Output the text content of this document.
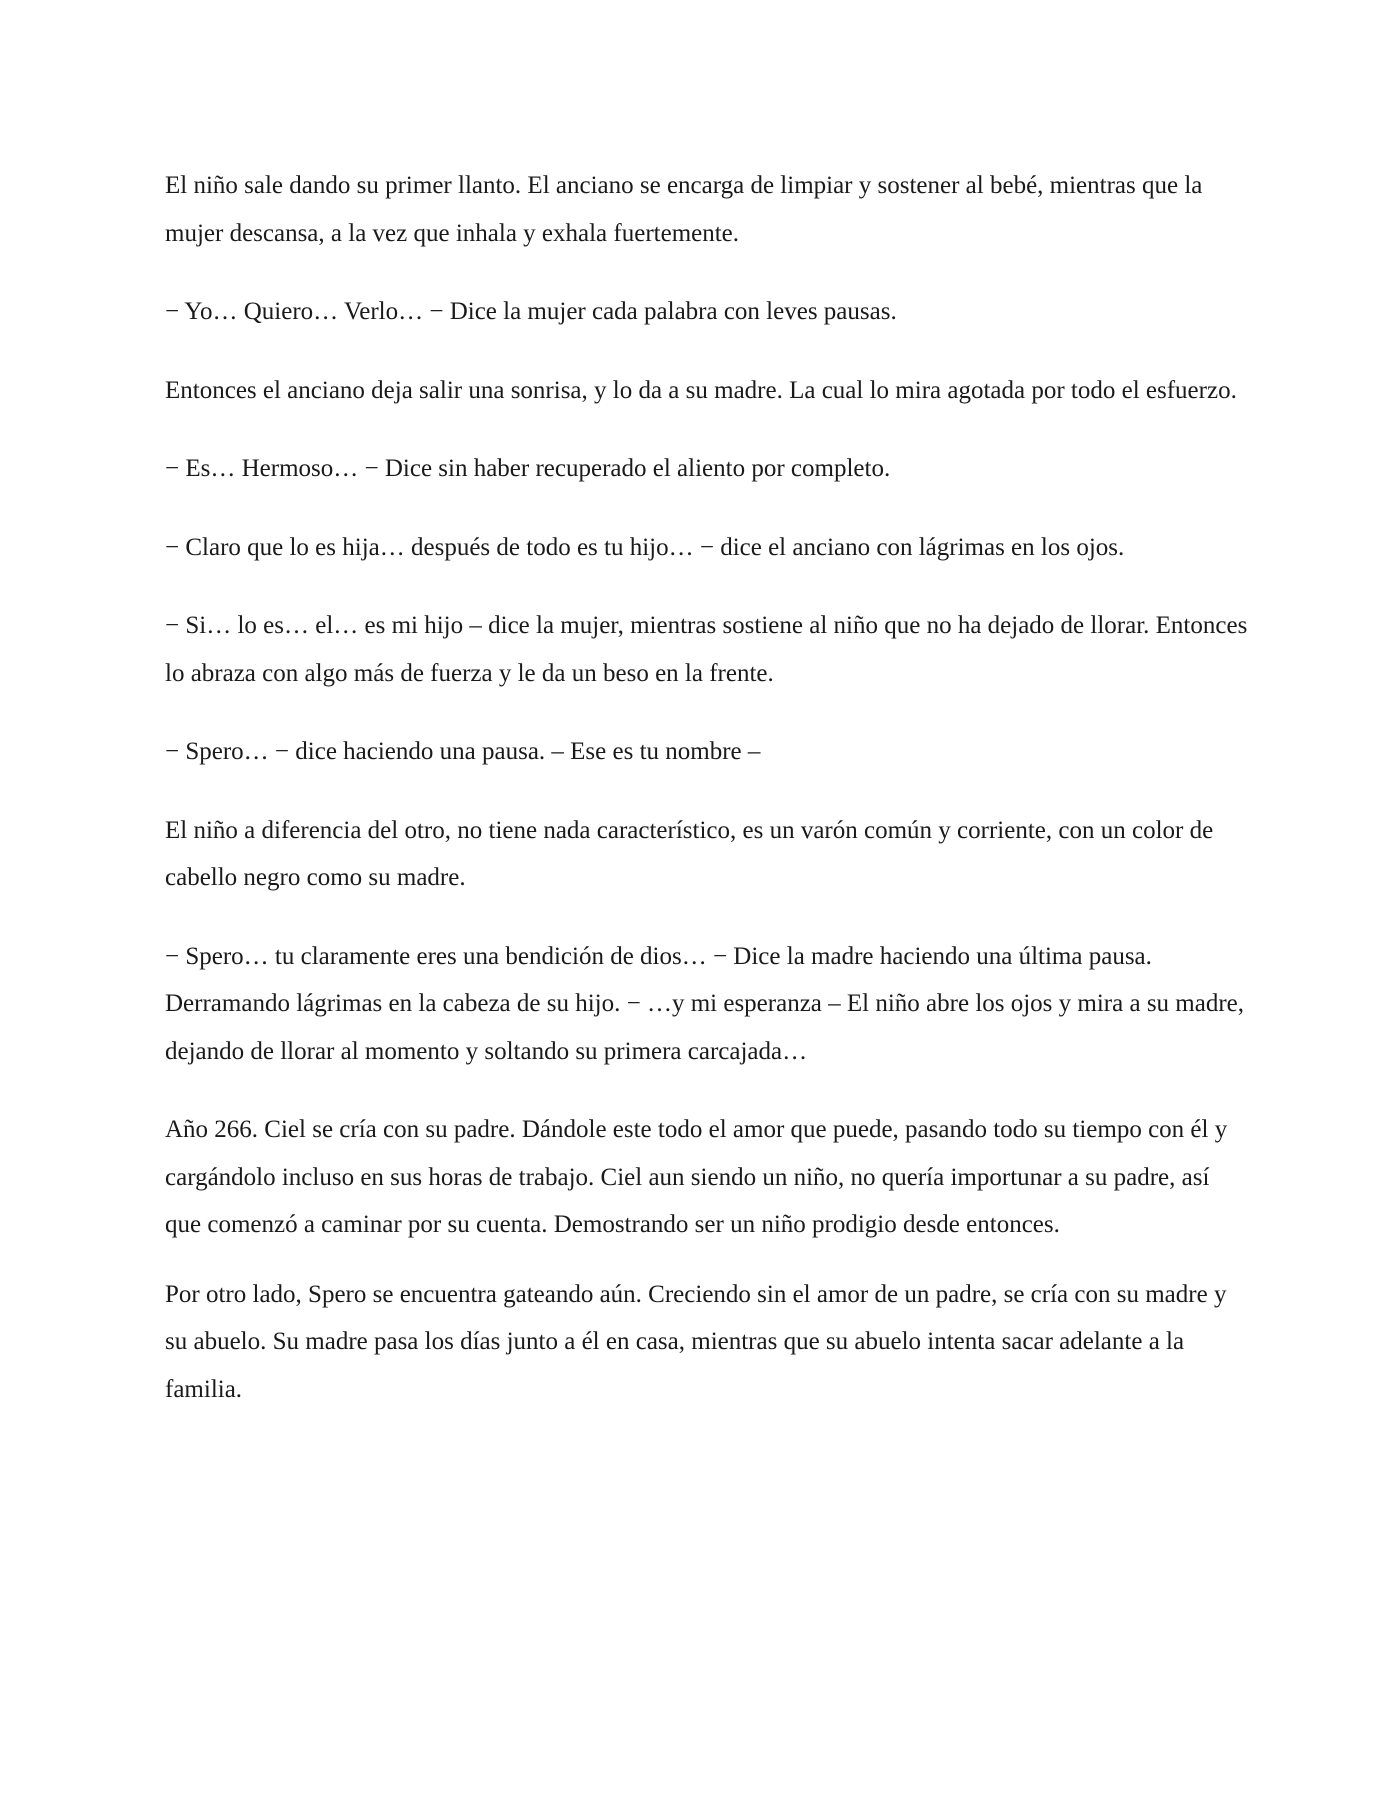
El niño sale dando su primer llanto. El anciano se encarga de limpiar y sostener al bebé, mientras que la mujer descansa, a la vez que inhala y exhala fuertemente.

− Yo… Quiero… Verlo… − Dice la mujer cada palabra con leves pausas.

Entonces el anciano deja salir una sonrisa, y lo da a su madre. La cual lo mira agotada por todo el esfuerzo.

− Es… Hermoso… − Dice sin haber recuperado el aliento por completo.

− Claro que lo es hija… después de todo es tu hijo… − dice el anciano con lágrimas en los ojos.

− Si… lo es… el… es mi hijo – dice la mujer, mientras sostiene al niño que no ha dejado de llorar. Entonces lo abraza con algo más de fuerza y le da un beso en la frente.

− Spero… − dice haciendo una pausa. – Ese es tu nombre –

El niño a diferencia del otro, no tiene nada característico, es un varón común y corriente, con un color de cabello negro como su madre.

− Spero… tu claramente eres una bendición de dios… − Dice la madre haciendo una última pausa. Derramando lágrimas en la cabeza de su hijo. − …y mi esperanza – El niño abre los ojos y mira a su madre, dejando de llorar al momento y soltando su primera carcajada…

Año 266. Ciel se cría con su padre. Dándole este todo el amor que puede, pasando todo su tiempo con él y cargándolo incluso en sus horas de trabajo. Ciel aun siendo un niño, no quería importunar a su padre, así que comenzó a caminar por su cuenta. Demostrando ser un niño prodigio desde entonces.

Por otro lado, Spero se encuentra gateando aún. Creciendo sin el amor de un padre, se cría con su madre y su abuelo. Su madre pasa los días junto a él en casa, mientras que su abuelo intenta sacar adelante a la familia.
